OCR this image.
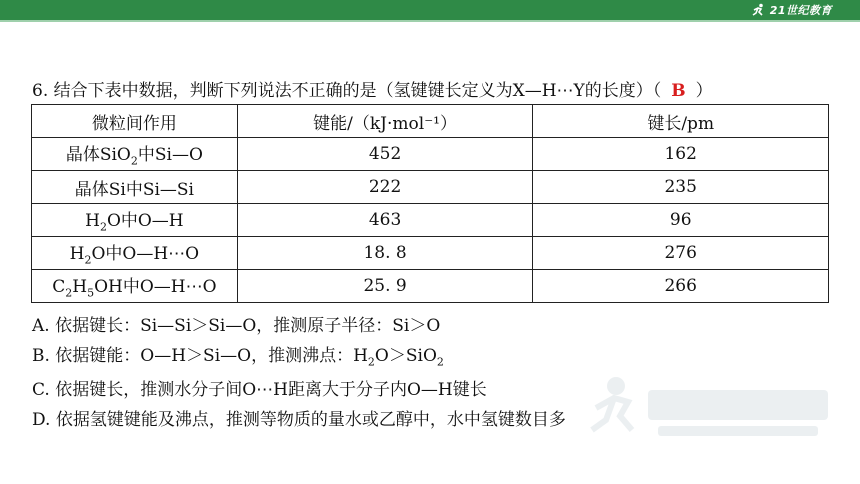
21世纪教育
6. 结合下表中数据，判断下列说法不正确的是（氢键键长定义为X—H⋯Y的长度）（ B ）
微粒间作用	键能/（kJ·mol⁻¹）	键长/pm
晶体SiO$_2$中Si—O	452	162
晶体Si中Si—Si	222	235
$H_2O$中O—H	463	96
$H_2O$中O—H⋯O	18. 8	276
$C_2H_5OH$中O—H⋯O	25. 9	266
A. 依据键长：Si—Si＞Si—O，推测原子半径：Si＞O
B. 依据键能：O—H＞Si—O，推测沸点：$H_2O>SiO_2$
C. 依据键长，推测水分子间O⋯H距离大于分子内O—H键长
D. 依据氢键键能及沸点，推测等物质的量水或乙醇中，水中氢键数目多
